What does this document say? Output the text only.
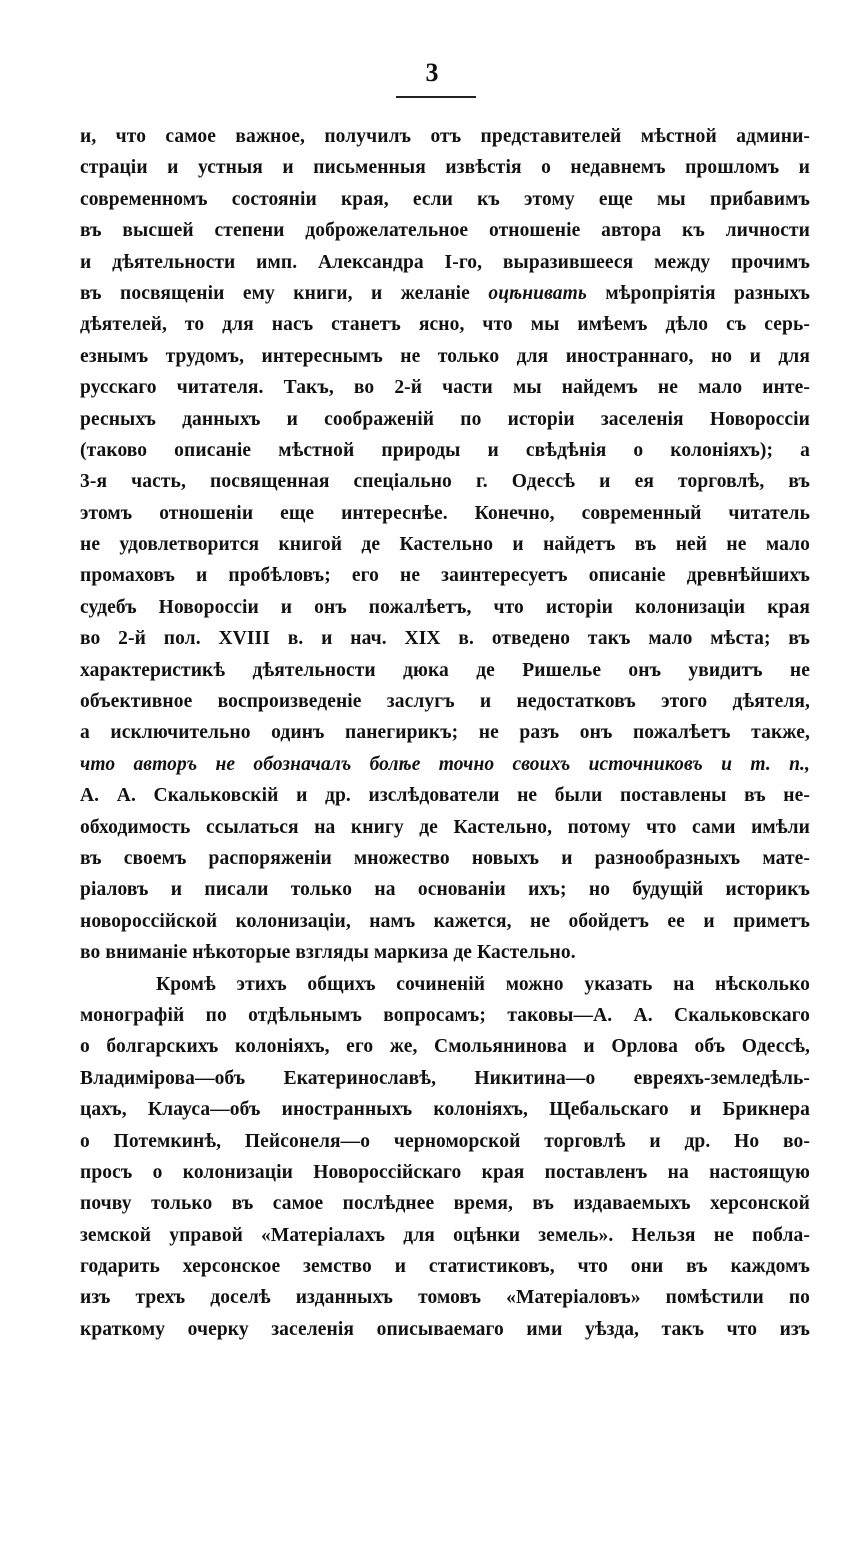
3
и, что самое важное, получилъ отъ представителей мѣстной админи-
страціи и устныя и письменныя извѣстія о недавнемъ прошломъ и
современномъ состояніи края, если къ этому еще мы прибавимъ
въ высшей степени доброжелательное отношеніе автора къ личности
и дѣятельности имп. Александра I-го, выразившееся между прочимъ
въ посвященіи ему книги, и желаніе оцѣнивать мѣропріятія разныхъ
дѣятелей, то для насъ станетъ ясно, что мы имѣемъ дѣло съ серь-
езнымъ трудомъ, интереснымъ не только для иностраннаго, но и для
русскаго читателя. Такъ, во 2-й части мы найдемъ не мало инте-
ресныхъ данныхъ и соображеній по исторіи заселенія Новороссіи
(таково описаніе мѣстной природы и свѣдѣнія о колоніяхъ); а
3-я часть, посвященная спеціально г. Одессѣ и ея торговлѣ, въ
этомъ отношеніи еще интереснѣе. Конечно, современный читатель
не удовлетворится книгой де Кастельно и найдетъ въ ней не мало
промаховъ и пробѣловъ; его не заинтересуетъ описаніе древнѣйшихъ
судебъ Новороссіи и онъ пожалѣетъ, что исторіи колонизаціи края
во 2-й пол. XVIII в. и нач. XIX в. отведено такъ мало мѣста; въ
характеристикѣ дѣятельности дюка де Ришелье онъ увидитъ не
объективное воспроизведеніе заслугъ и недостатковъ этого дѣятеля,
а исключительно одинъ панегирикъ; не разъ онъ пожалѣетъ также,
что авторъ не обозначалъ болѣе точно своихъ источниковъ и т. п.,
А. А. Скальковскій и др. изслѣдователи не были поставлены въ не-
обходимость ссылаться на книгу де Кастельно, потому что сами имѣли
въ своемъ распоряженіи множество новыхъ и разнообразныхъ мате-
ріаловъ и писали только на основаніи ихъ; но будущій историкъ
новороссійской колонизаціи, намъ кажется, не обойдетъ ее и приметъ
во вниманіе нѣкоторые взгляды маркиза де Кастельно.
Кромѣ этихъ общихъ сочиненій можно указать на нѣсколько
монографій по отдѣльнымъ вопросамъ; таковы—А. А. Скальковскаго
о болгарскихъ колоніяхъ, его же, Смольянинова и Орлова объ Одессѣ,
Владимірова—объ Екатеринославѣ, Никитина—о евреяхъ-земледѣль-
цахъ, Клауса—объ иностранныхъ колоніяхъ, Щебальскаго и Брикнера
о Потемкинѣ, Пейсонеля—о черноморской торговлѣ и др. Но во-
просъ о колонизаціи Новороссійскаго края поставленъ на настоящую
почву только въ самое послѣднее время, въ издаваемыхъ херсонской
земской управой «Матеріалахъ для оцѣнки земель». Нельзя не побла-
годарить херсонское земство и статистиковъ, что они въ каждомъ
изъ трехъ доселѣ изданныхъ томовъ «Матеріаловъ» помѣстили по
краткому очерку заселенія описываемаго ими уѣзда, такъ что изъ
